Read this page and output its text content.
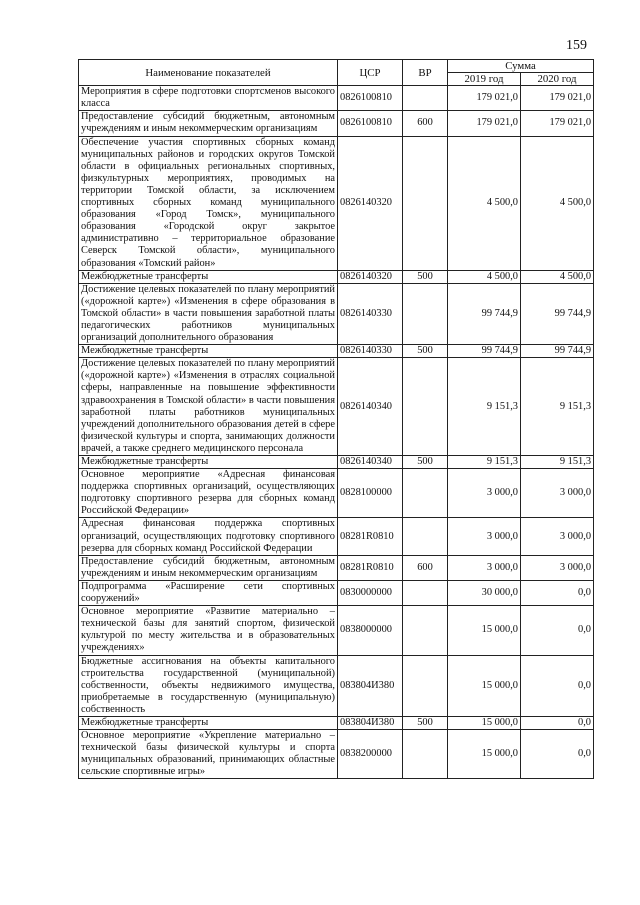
159
Наименование показателей	ЦСР	ВР	Сумма	
			2019 год	2020 год
Мероприятия в сфере подготовки спортсменов высокого класса	0826100810		179 021,0	179 021,0
Предоставление субсидий бюджетным, автономным учреждениям и иным некоммерческим организациям	0826100810	600	179 021,0	179 021,0
Обеспечение участия спортивных сборных команд муниципальных районов и городских округов Томской области в официальных региональных спортивных, физкультурных мероприятиях, проводимых на территории Томской области, за исключением спортивных сборных команд муниципального образования «Город Томск», муниципального образования «Городской округ закрытое административно – территориальное образование Северск Томской области», муниципального образования «Томский район»	0826140320		4 500,0	4 500,0
Межбюджетные трансферты	0826140320	500	4 500,0	4 500,0
Достижение целевых показателей по плану мероприятий («дорожной карте») «Изменения в сфере образования в Томской области» в части повышения заработной платы педагогических работников муниципальных организаций дополнительного образования	0826140330		99 744,9	99 744,9
Межбюджетные трансферты	0826140330	500	99 744,9	99 744,9
Достижение целевых показателей по плану мероприятий («дорожной карте») «Изменения в отраслях социальной сферы, направленные на повышение эффективности здравоохранения в Томской области» в части повышения заработной платы работников муниципальных учреждений дополнительного образования детей в сфере физической культуры и спорта, занимающих должности врачей, а также среднего медицинского персонала	0826140340		9 151,3	9 151,3
Межбюджетные трансферты	0826140340	500	9 151,3	9 151,3
Основное мероприятие «Адресная финансовая поддержка спортивных организаций, осуществляющих подготовку спортивного резерва для сборных команд Российской Федерации»	0828100000		3 000,0	3 000,0
Адресная финансовая поддержка спортивных организаций, осуществляющих подготовку спортивного резерва для сборных команд Российской Федерации	08281R0810		3 000,0	3 000,0
Предоставление субсидий бюджетным, автономным учреждениям и иным некоммерческим организациям	08281R0810	600	3 000,0	3 000,0
Подпрограмма «Расширение сети спортивных сооружений»	0830000000		30 000,0	0,0
Основное мероприятие «Развитие материально – технической базы для занятий спортом, физической культурой по месту жительства и в образовательных учреждениях»	0838000000		15 000,0	0,0
Бюджетные ассигнования на объекты капитального строительства государственной (муниципальной) собственности, объекты недвижимого имущества, приобретаемые в государственную (муниципальную) собственность	083804И380		15 000,0	0,0
Межбюджетные трансферты	083804И380	500	15 000,0	0,0
Основное мероприятие «Укрепление материально – технической базы физической культуры и спорта муниципальных образований, принимающих областные сельские спортивные игры»	0838200000		15 000,0	0,0
